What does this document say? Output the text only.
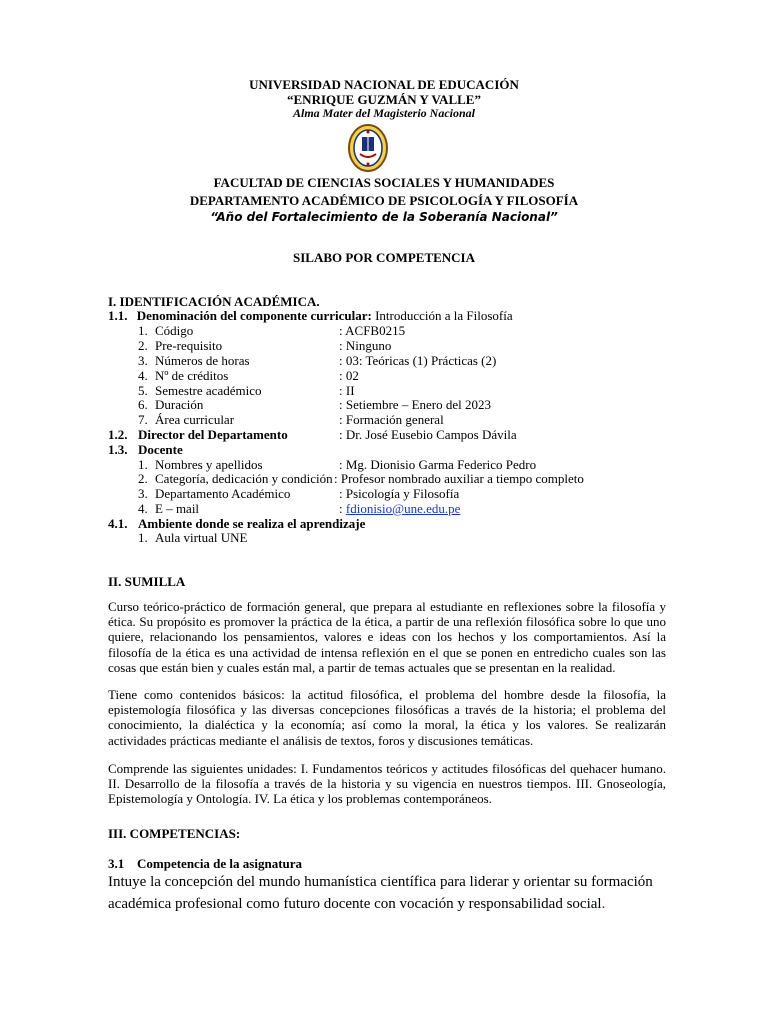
UNIVERSIDAD NACIONAL DE EDUCACIÓN
“ENRIQUE GUZMÁN Y VALLE”
Alma Mater del Magisterio Nacional
FACULTAD DE CIENCIAS SOCIALES Y HUMANIDADES
DEPARTAMENTO ACADÉMICO DE PSICOLOGÍA Y FILOSOFÍA
“Año del Fortalecimiento de la Soberanía Nacional”
SILABO POR COMPETENCIA
I. IDENTIFICACIÓN ACADÉMICA.
1.1. Denominación del componente curricular: Introducción a la Filosofía
1. Código	: ACFB0215
2. Pre-requisito	: Ninguno
3. Números de horas	: 03: Teóricas (1) Prácticas (2)
4. Nº de créditos	: 02
5. Semestre académico	: II
6. Duración	: Setiembre – Enero del 2023
7. Área curricular	: Formación general
1.2. Director del Departamento	: Dr. José Eusebio Campos Dávila
1.3. Docente
1. Nombres y apellidos	: Mg. Dionisio Garma Federico Pedro
2. Categoría, dedicación y condición : Profesor nombrado auxiliar a tiempo completo
3. Departamento Académico	: Psicología y Filosofía
4. E – mail	: fdionisio@une.edu.pe
4.1. Ambiente donde se realiza el aprendizaje
1. Aula virtual UNE
II. SUMILLA
Curso teórico-práctico de formación general, que prepara al estudiante en reflexiones sobre la filosofía y ética. Su propósito es promover la práctica de la ética, a partir de una reflexión filosófica sobre lo que uno quiere, relacionando los pensamientos, valores e ideas con los hechos y los comportamientos. Así la filosofía de la ética es una actividad de intensa reflexión en el que se ponen en entredicho cuales son las cosas que están bien y cuales están mal, a partir de temas actuales que se presentan en la realidad.
Tiene como contenidos básicos: la actitud filosófica, el problema del hombre desde la filosofía, la epistemología filosófica y las diversas concepciones filosóficas a través de la historia; el problema del conocimiento, la dialéctica y la economía; así como la moral, la ética y los valores. Se realizarán actividades prácticas mediante el análisis de textos, foros y discusiones temáticas.
Comprende las siguientes unidades: I. Fundamentos teóricos y actitudes filosóficas del quehacer humano. II. Desarrollo de la filosofía a través de la historia y su vigencia en nuestros tiempos. III. Gnoseología, Epistemología y Ontología. IV. La ética y los problemas contemporáneos.
III. COMPETENCIAS:
3.1 Competencia de la asignatura
Intuye la concepción del mundo humanística científica para liderar y orientar su formación
académica profesional como futuro docente con vocación y responsabilidad social.
